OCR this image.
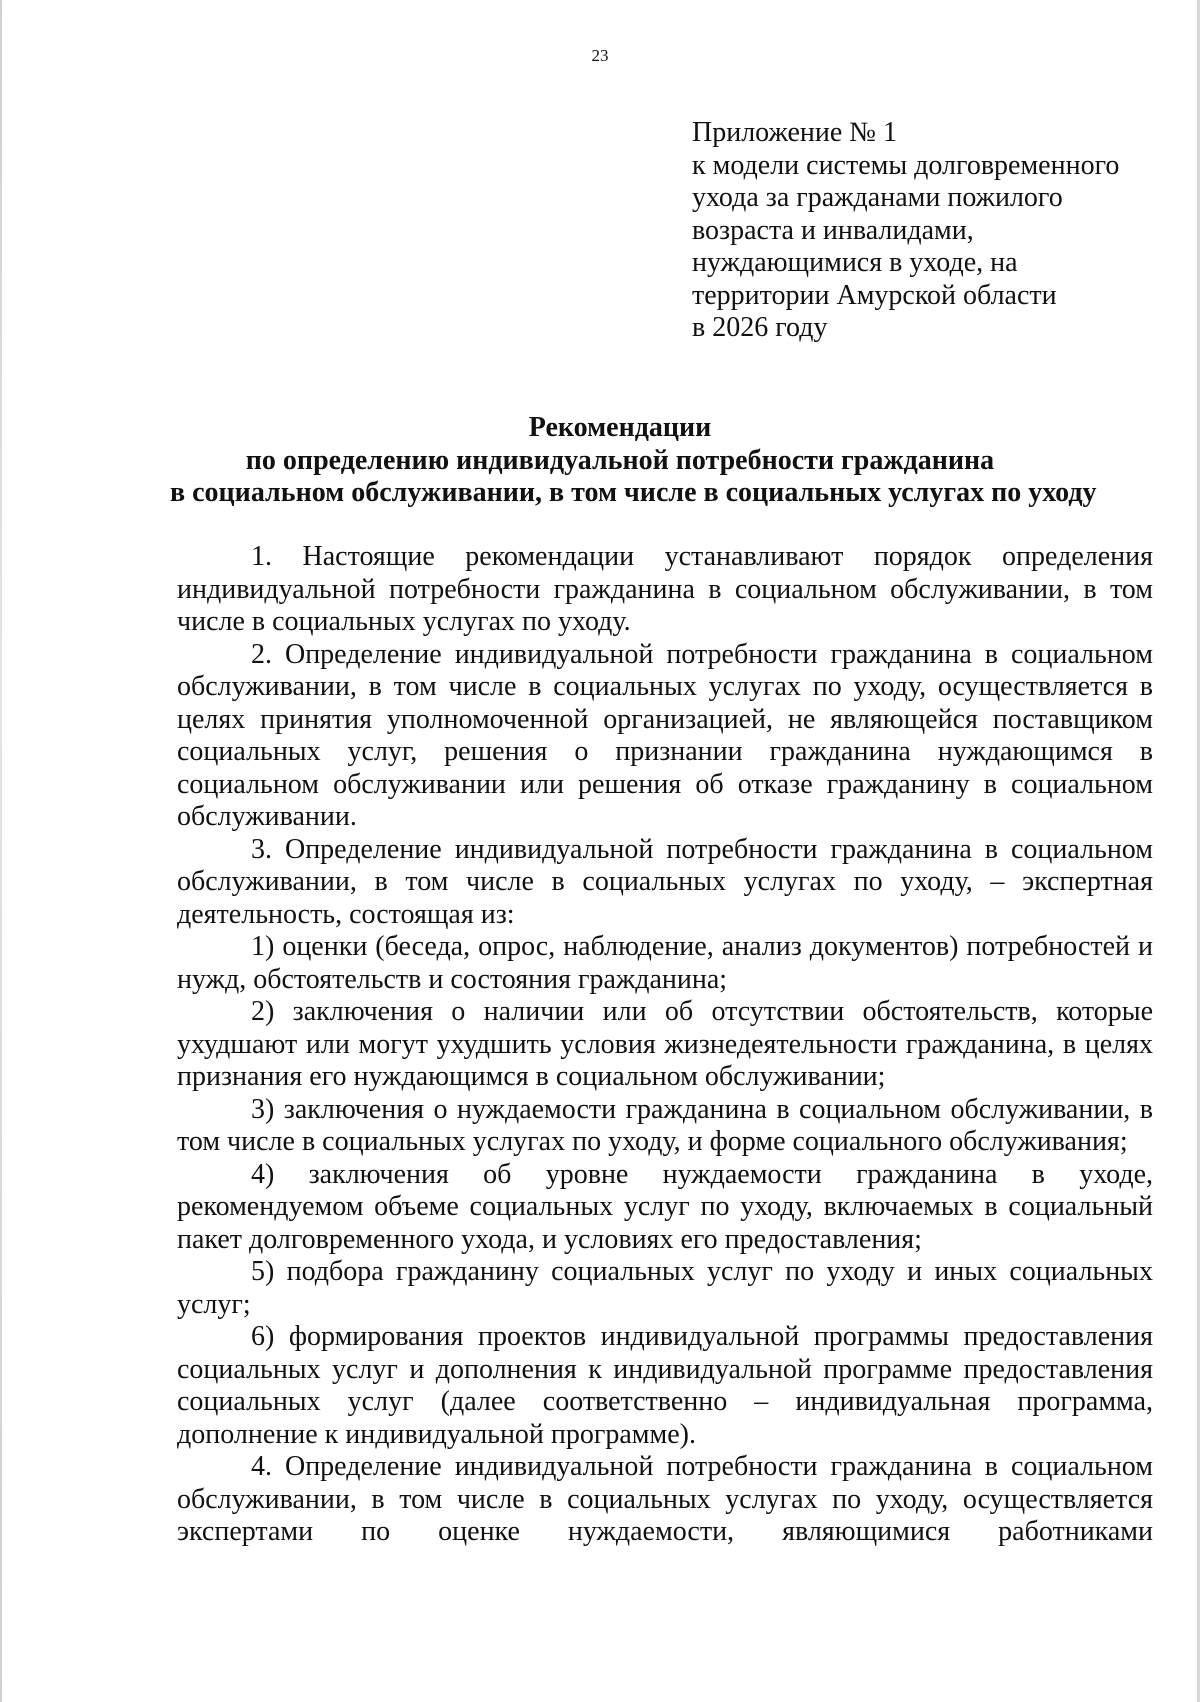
23
Приложение № 1
к модели системы долговременного
ухода за гражданами пожилого
возраста и инвалидами,
нуждающимися в уходе, на
территории Амурской области
в 2026 году
Рекомендации
по определению индивидуальной потребности гражданина
в социальном обслуживании, в том числе в социальных услугах по уходу

1. Настоящие рекомендации устанавливают порядок определения индивидуальной потребности гражданина в социальном обслуживании, в том числе в социальных услугах по уходу.

2. Определение индивидуальной потребности гражданина в социальном обслуживании, в том числе в социальных услугах по уходу, осуществляется в целях принятия уполномоченной организацией, не являющейся поставщиком социальных услуг, решения о признании гражданина нуждающимся в социальном обслуживании или решения об отказе гражданину в социальном обслуживании.

3. Определение индивидуальной потребности гражданина в социальном обслуживании, в том числе в социальных услугах по уходу, – экспертная деятельность, состоящая из:

1) оценки (беседа, опрос, наблюдение, анализ документов) потребностей и нужд, обстоятельств и состояния гражданина;

2) заключения о наличии или об отсутствии обстоятельств, которые ухудшают или могут ухудшить условия жизнедеятельности гражданина, в целях признания его нуждающимся в социальном обслуживании;

3) заключения о нуждаемости гражданина в социальном обслуживании, в том числе в социальных услугах по уходу, и форме социального обслуживания;

4) заключения об уровне нуждаемости гражданина в уходе, рекомендуемом объеме социальных услуг по уходу, включаемых в социальный пакет долговременного ухода, и условиях его предоставления;

5) подбора гражданину социальных услуг по уходу и иных социальных услуг;

6) формирования проектов индивидуальной программы предоставления социальных услуг и дополнения к индивидуальной программе предоставления социальных услуг (далее соответственно – индивидуальная программа, дополнение к индивидуальной программе).

4. Определение индивидуальной потребности гражданина в социальном обслуживании, в том числе в социальных услугах по уходу, осуществляется экспертами по оценке нуждаемости, являющимися работниками
